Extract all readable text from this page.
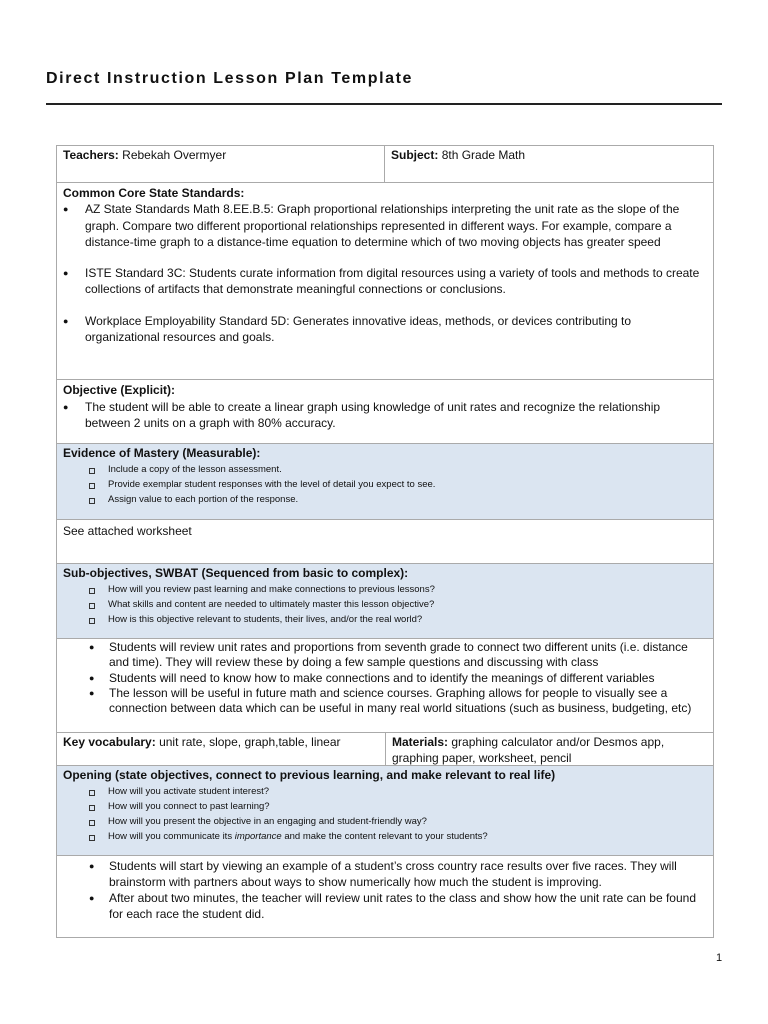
Direct Instruction Lesson Plan Template
Teachers: Rebekah Overmyer	Subject: 8th Grade Math
Common Core State Standards:
● AZ State Standards Math 8.EE.B.5: Graph proportional relationships interpreting the unit rate as the slope of the graph. Compare two different proportional relationships represented in different ways. For example, compare a distance-time graph to a distance-time equation to determine which of two moving objects has greater speed
● ISTE Standard 3C: Students curate information from digital resources using a variety of tools and methods to create collections of artifacts that demonstrate meaningful connections or conclusions.
● Workplace Employability Standard 5D: Generates innovative ideas, methods, or devices contributing to organizational resources and goals.
Objective (Explicit):
● The student will be able to create a linear graph using knowledge of unit rates and recognize the relationship between 2 units on a graph with 80% accuracy.
Evidence of Mastery (Measurable):
Include a copy of the lesson assessment.
Provide exemplar student responses with the level of detail you expect to see.
Assign value to each portion of the response.
See attached worksheet
Sub-objectives, SWBAT (Sequenced from basic to complex):
How will you review past learning and make connections to previous lessons?
What skills and content are needed to ultimately master this lesson objective?
How is this objective relevant to students, their lives, and/or the real world?
● Students will review unit rates and proportions from seventh grade to connect two different units (i.e. distance and time). They will review these by doing a few sample questions and discussing with class
● Students will need to know how to make connections and to identify the meanings of different variables
● The lesson will be useful in future math and science courses. Graphing allows for people to visually see a connection between data which can be useful in many real world situations (such as business, budgeting, etc)
Key vocabulary: unit rate, slope, graph,table, linear	Materials: graphing calculator and/or Desmos app, graphing paper, worksheet, pencil
Opening (state objectives, connect to previous learning, and make relevant to real life)
How will you activate student interest?
How will you connect to past learning?
How will you present the objective in an engaging and student-friendly way?
How will you communicate its importance and make the content relevant to your students?
● Students will start by viewing an example of a student’s cross country race results over five races. They will brainstorm with partners about ways to show numerically how much the student is improving.
● After about two minutes, the teacher will review unit rates to the class and show how the unit rate can be found for each race the student did.
1
